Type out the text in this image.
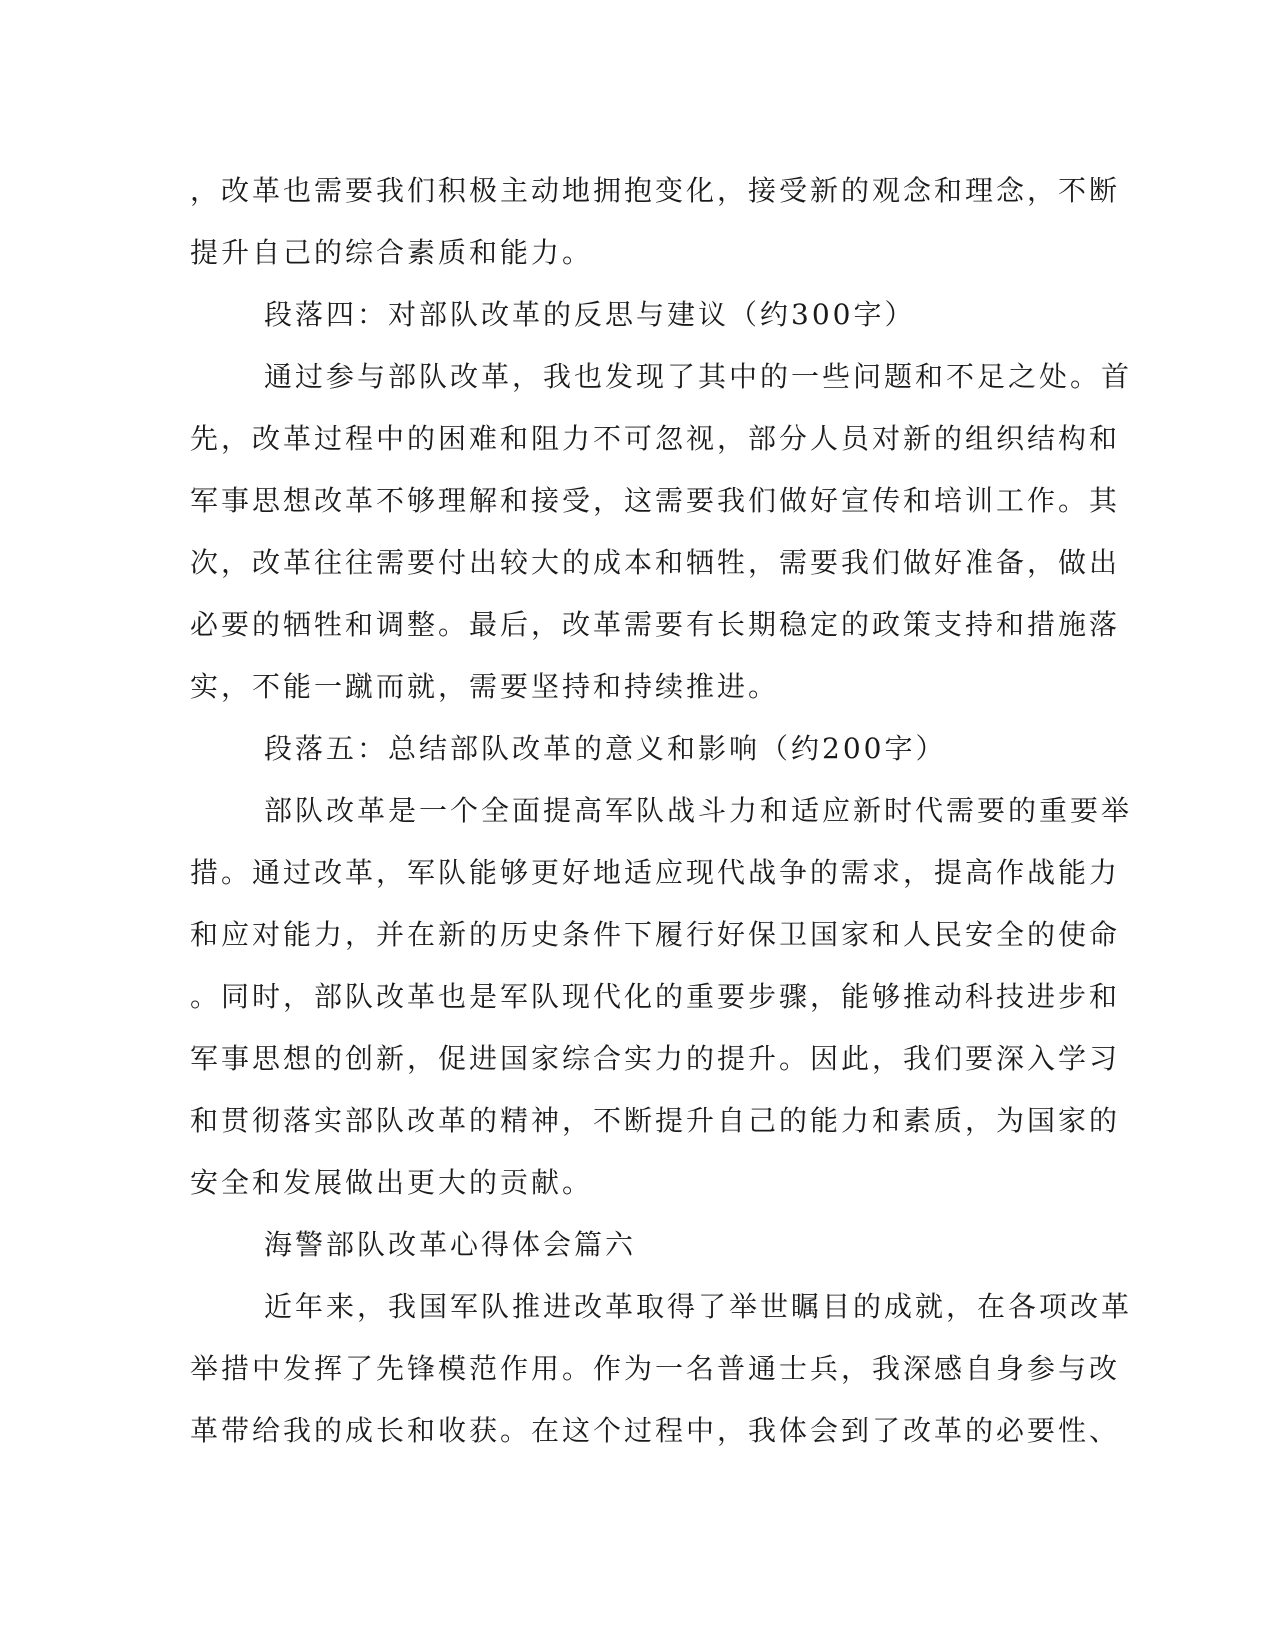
，改革也需要我们积极主动地拥抱变化，接受新的观念和理念，不断
提升自己的综合素质和能力。
段落四：对部队改革的反思与建议（约300字）
通过参与部队改革，我也发现了其中的一些问题和不足之处。首
先，改革过程中的困难和阻力不可忽视，部分人员对新的组织结构和
军事思想改革不够理解和接受，这需要我们做好宣传和培训工作。其
次，改革往往需要付出较大的成本和牺牲，需要我们做好准备，做出
必要的牺牲和调整。最后，改革需要有长期稳定的政策支持和措施落
实，不能一蹴而就，需要坚持和持续推进。
段落五：总结部队改革的意义和影响（约200字）
部队改革是一个全面提高军队战斗力和适应新时代需要的重要举
措。通过改革，军队能够更好地适应现代战争的需求，提高作战能力
和应对能力，并在新的历史条件下履行好保卫国家和人民安全的使命
。同时，部队改革也是军队现代化的重要步骤，能够推动科技进步和
军事思想的创新，促进国家综合实力的提升。因此，我们要深入学习
和贯彻落实部队改革的精神，不断提升自己的能力和素质，为国家的
安全和发展做出更大的贡献。
海警部队改革心得体会篇六
近年来，我国军队推进改革取得了举世瞩目的成就，在各项改革
举措中发挥了先锋模范作用。作为一名普通士兵，我深感自身参与改
革带给我的成长和收获。在这个过程中，我体会到了改革的必要性、
